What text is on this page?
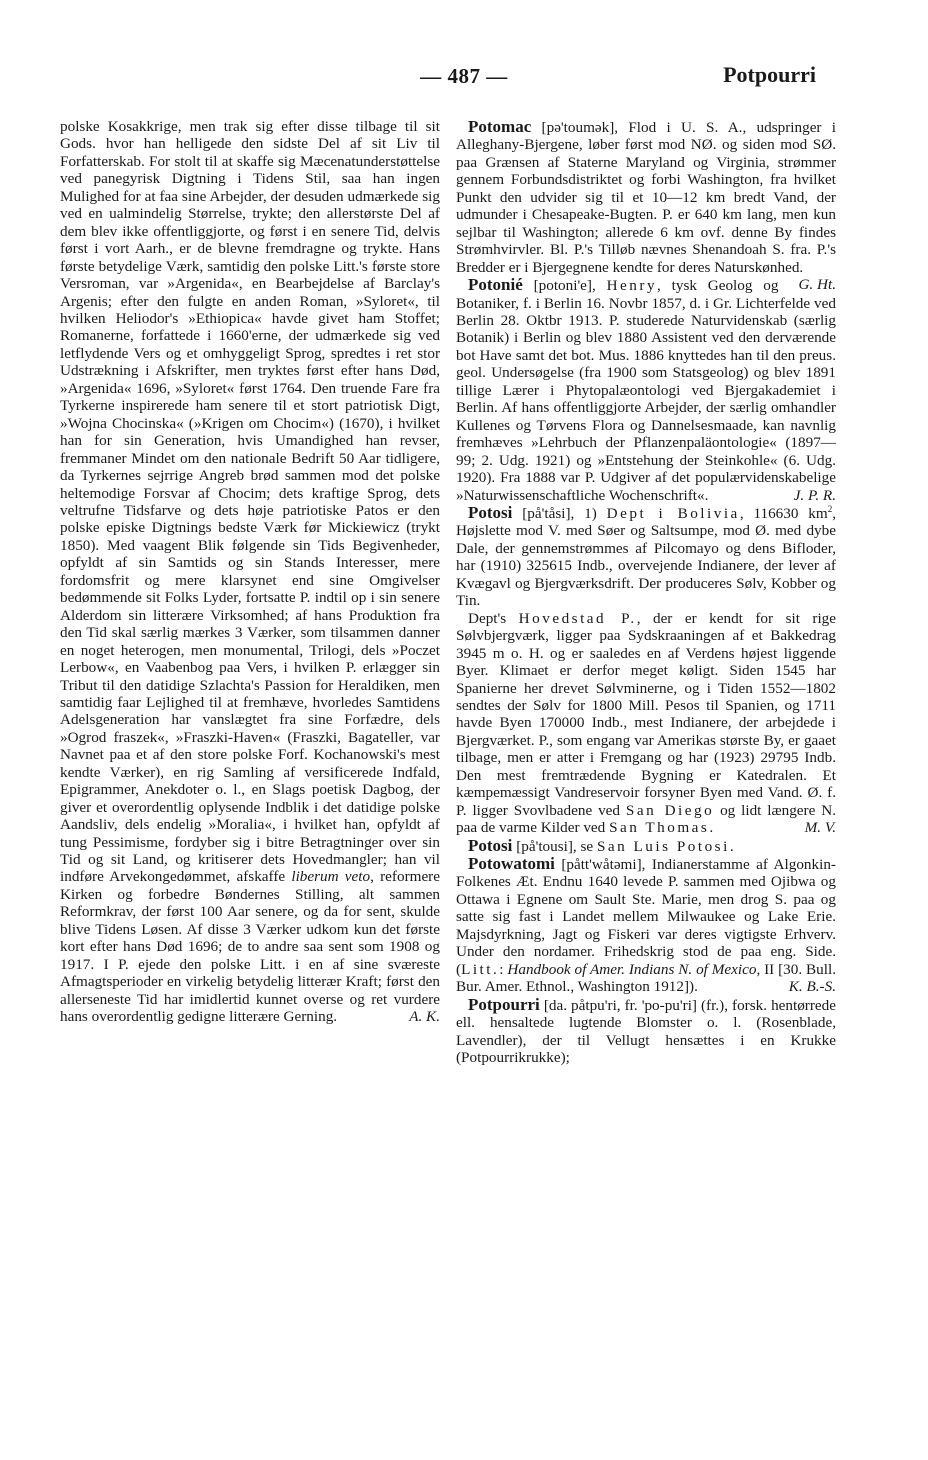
— 487 —	Potpourri

polske Kosakkrige, men trak sig efter disse tilbage til sit Gods. hvor han helligede den sidste Del af sit Liv til Forfatterskab. For stolt til at skaffe sig Mæcenatunderstøttelse ved panegyrisk Digtning i Tidens Stil, saa han ingen Mulighed for at faa sine Arbejder, der desuden udmærkede sig ved en ualmindelig Størrelse, trykte; den allerstørste Del af dem blev ikke offentliggjorte, og først i en senere Tid, delvis først i vort Aarh., er de blevne fremdragne og trykte. Hans første betydelige Værk, samtidig den polske Litt.'s første store Versroman, var »Argenida«, en Bearbejdelse af Barclay's Argenis; efter den fulgte en anden Roman, »Syloret«, til hvilken Heliodor's »Ethiopica« havde givet ham Stoffet; Romanerne, forfattede i 1660'erne, der udmærkede sig ved letflydende Vers og et omhyggeligt Sprog, spredtes i ret stor Udstrækning i Afskrifter, men tryktes først efter hans Død, »Argenida« 1696, »Syloret« først 1764. Den truende Fare fra Tyrkerne inspirerede ham senere til et stort patriotisk Digt, »Wojna Chocinska« (»Krigen om Chocim«) (1670), i hvilket han for sin Generation, hvis Umandighed han revser, fremmaner Mindet om den nationale Bedrift 50 Aar tidligere, da Tyrkernes sejrrige Angreb brød sammen mod det polske heltemodige Forsvar af Chocim; dets kraftige Sprog, dets veltrufne Tidsfarve og dets høje patriotiske Patos er den polske episke Digtnings bedste Værk før Mickiewicz (trykt 1850). Med vaagent Blik følgende sin Tids Begivenheder, opfyldt af sin Samtids og sin Stands Interesser, mere fordomsfrit og mere klarsynet end sine Omgivelser bedømmende sit Folks Lyder, fortsatte P. indtil op i sin senere Alderdom sin litterære Virksomhed; af hans Produktion fra den Tid skal særlig mærkes 3 Værker, som tilsammen danner en noget heterogen, men monumental, Trilogi, dels »Poczet Lerbow«, en Vaabenbog paa Vers, i hvilken P. erlægger sin Tribut til den datidige Szlachta's Passion for Heraldiken, men samtidig faar Lejlighed til at fremhæve, hvorledes Samtidens Adelsgeneration har vanslægtet fra sine Forfædre, dels »Ogrod fraszek«, »Fraszki-Haven« (Fraszki, Bagateller, var Navnet paa et af den store polske Forf. Kochanowski's mest kendte Værker), en rig Samling af versificerede Indfald, Epigrammer, Anekdoter o. l., en Slags poetisk Dagbog, der giver et overordentlig oplysende Indblik i det datidige polske Aandsliv, dels endelig »Moralia«, i hvilket han, opfyldt af tung Pessimisme, fordyber sig i bitre Betragtninger over sin Tid og sit Land, og kritiserer dets Hovedmangler; han vil indføre Arvekongedømmet, afskaffe liberum veto, reformere Kirken og forbedre Bøndernes Stilling, alt sammen Reformkrav, der først 100 Aar senere, og da for sent, skulde blive Tidens Løsen. Af disse 3 Værker udkom kun det første kort efter hans Død 1696; de to andre saa sent som 1908 og 1917. I P. ejede den polske Litt. i en af sine sværeste Afmagtsperioder en virkelig betydelig litterær Kraft; først den allerseneste Tid har imidlertid kunnet overse og ret vurdere hans overordentlig gedigne litterære Gerning.	A. K.

Potomac [pə'toumək], Flod i U. S. A., udspringer i Alleghany-Bjergene, løber først mod NØ. og siden mod SØ. paa Grænsen af Staterne Maryland og Virginia, strømmer gennem Forbundsdistriktet og forbi Washington, fra hvilket Punkt den udvider sig til et 10—12 km bredt Vand, der udmunder i Chesapeake-Bugten. P. er 640 km lang, men kun sejlbar til Washington; allerede 6 km ovf. denne By findes Strømhvirvler. Bl. P.'s Tilløb nævnes Shenandoah S. fra. P.'s Bredder er i Bjergegnene kendte for deres Naturskønhed.
G. Ht.

Potonié [potoni'e], Henry, tysk Geolog og Botaniker, f. i Berlin 16. Novbr 1857, d. i Gr. Lichterfelde ved Berlin 28. Oktbr 1913. P. studerede Naturvidenskab (særlig Botanik) i Berlin og blev 1880 Assistent ved den derværende bot Have samt det bot. Mus. 1886 knyttedes han til den preus. geol. Undersøgelse (fra 1900 som Statsgeolog) og blev 1891 tillige Lærer i Phytopalæontologi ved Bjergakademiet i Berlin. Af hans offentliggjorte Arbejder, der særlig omhandler Kullenes og Tørvens Flora og Dannelsesmaade, kan navnlig fremhæves »Lehrbuch der Pflanzenpaläontologie« (1897—99; 2. Udg. 1921) og »Entstehung der Steinkohle« (6. Udg. 1920). Fra 1888 var P. Udgiver af det populærvidenskabelige »Naturwissenschaftliche Wochenschrift«.	J. P. R.

Potosi [på'tåsi], 1) Dept i Bolivia, 116630 $km^2$, Højslette mod V. med Søer og Saltsumpe, mod Ø. med dybe Dale, der gennemstrømmes af Pilcomayo og dens Bifloder, har (1910) 325615 Indb., overvejende Indianere, der lever af Kvægavl og Bjergværksdrift. Der produceres Sølv, Kobber og Tin.

Dept's Hovedstad P., der er kendt for sit rige Sølvbjergværk, ligger paa Sydskraaningen af et Bakkedrag 3945 m o. H. og er saaledes en af Verdens højest liggende Byer. Klimaet er derfor meget køligt. Siden 1545 har Spanierne her drevet Sølvminerne, og i Tiden 1552—1802 sendtes der Sølv for 1800 Mill. Pesos til Spanien, og 1711 havde Byen 170000 Indb., mest Indianere, der arbejdede i Bjergværket. P., som engang var Amerikas største By, er gaaet tilbage, men er atter i Fremgang og har (1923) 29795 Indb. Den mest fremtrædende Bygning er Katedralen. Et kæmpemæssigt Vandreservoir forsyner Byen med Vand. Ø. f. P. ligger Svovlbadene ved San Diego og lidt længere N. paa de varme Kilder ved San Thomas.	M. V.

Potosi [på'tousi], se San Luis Potosi.

Potowatomi [pått'wåtəmi], Indianerstamme af Algonkin-Folkenes Æt. Endnu 1640 levede P. sammen med Ojibwa og Ottawa i Egnene om Sault Ste. Marie, men drog S. paa og satte sig fast i Landet mellem Milwaukee og Lake Erie. Majsdyrkning, Jagt og Fiskeri var deres vigtigste Erhverv. Under den nordamer. Frihedskrig stod de paa eng. Side. (Litt.: Handbook of Amer. Indians N. of Mexico, II [30. Bull. Bur. Amer. Ethnol., Washington 1912]).	K. B.-S.

Potpourri [da. påtpu'ri, fr. 'po-pu'ri] (fr.), forsk. hentørrede ell. hensaltede lugtende Blomster o. l. (Rosenblade, Lavendler), der til Vellugt hensættes i en Krukke (Potpourrikrukke);
